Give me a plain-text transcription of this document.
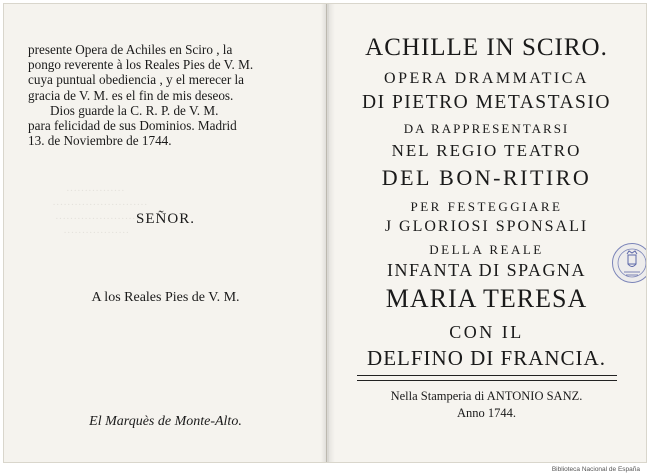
················
··························
·······················
··················
presente Opera de Achiles en Sciro , la
pongo reverente à los Reales Pies de V. M.
cuya puntual obediencia , y el merecer la
gracia de V. M. es el fin de mis deseos.
Dios guarde la C. R. P. de V. M.
para felicidad de sus Dominios. Madrid
13. de Noviembre de 1744.
SEÑOR.
A los Reales Pies de V. M.
El Marquès de Monte-Alto.
ACHILLE IN SCIRO.
OPERA DRAMMATICA
DI PIETRO METASTASIO
DA RAPPRESENTARSI
NEL REGIO TEATRO
DEL BON-RITIRO
PER FESTEGGIARE
J GLORIOSI SPONSALI
DELLA REALE
INFANTA DI SPAGNA
MARIA TERESA
CON IL
DELFINO DI FRANCIA.
Nella Stamperia di ANTONIO SANZ.
Anno 1744.
Biblioteca Nacional de España
